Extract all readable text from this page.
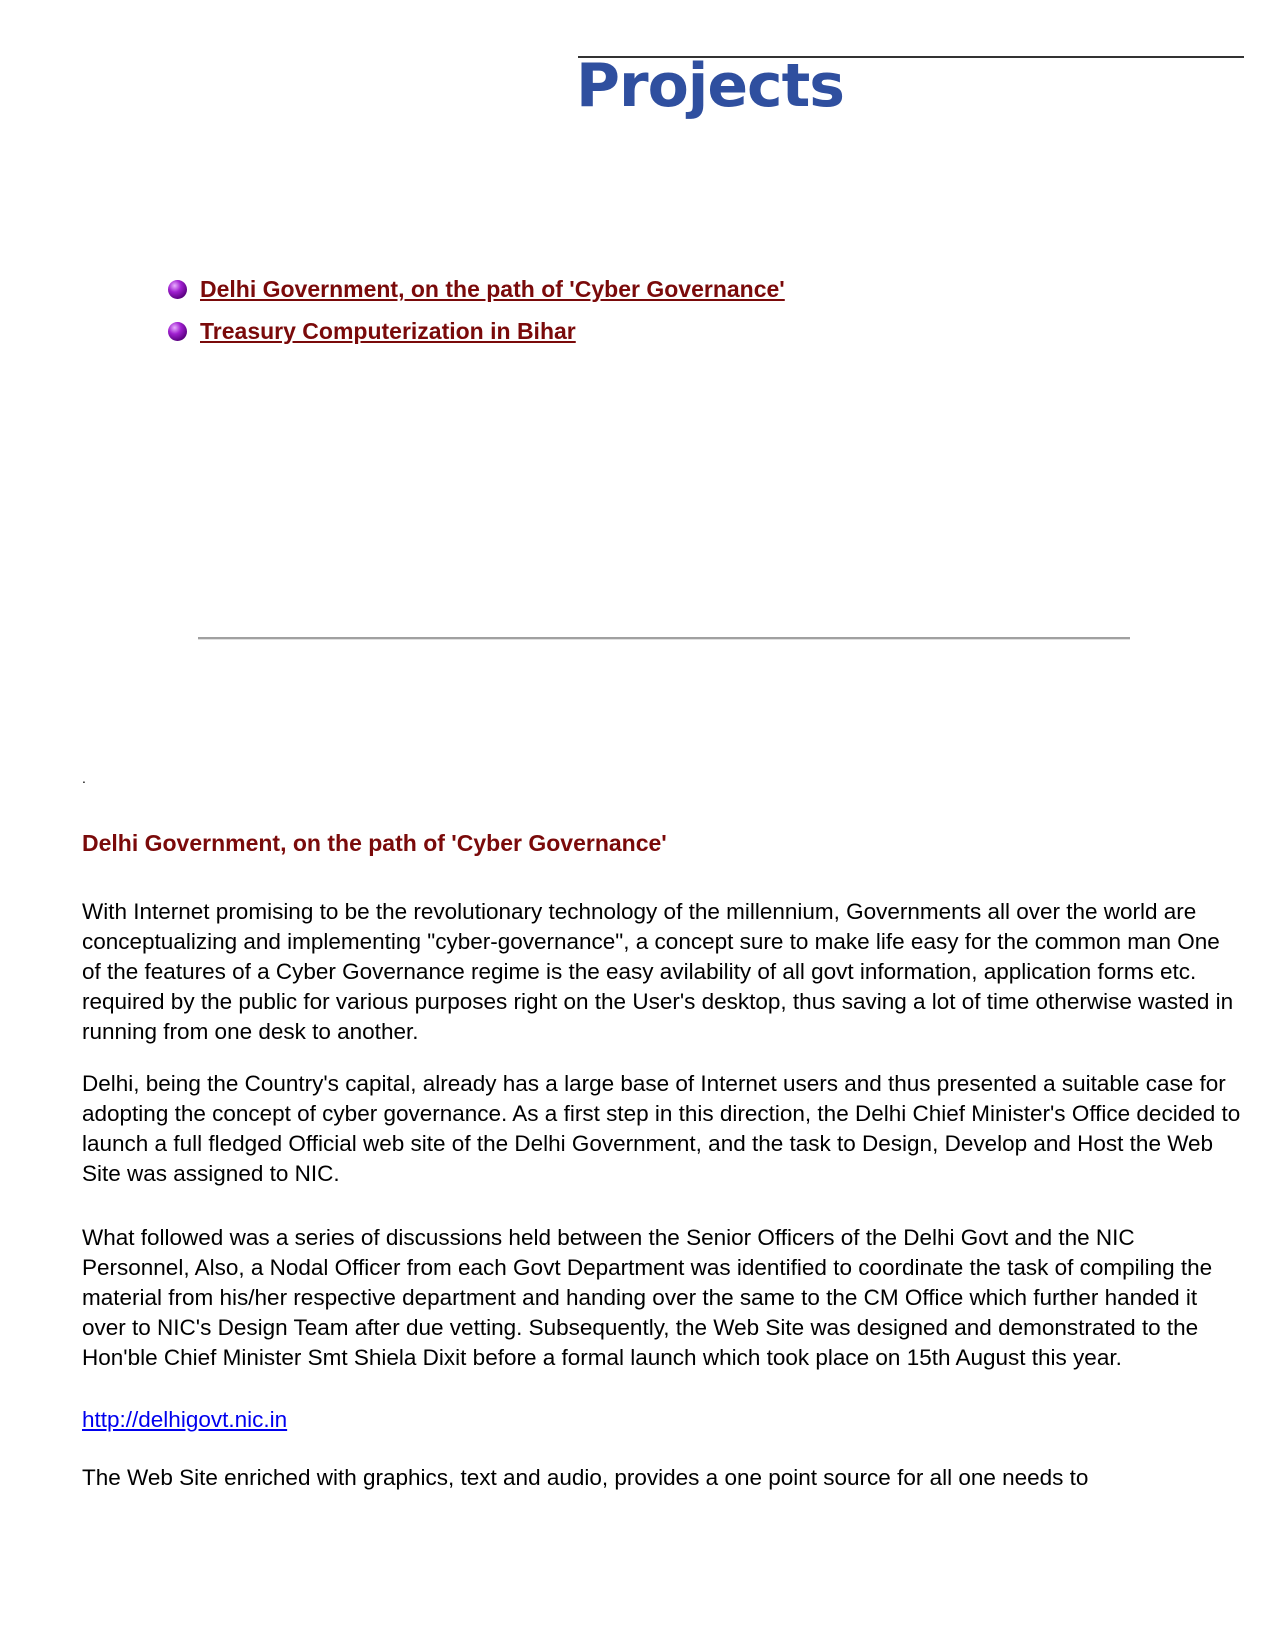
Projects
Delhi Government, on the path of 'Cyber Governance'
Treasury Computerization in Bihar
.
Delhi Government, on the path of 'Cyber Governance'

With Internet promising to be the revolutionary technology of the millennium, Governments all over the world are conceptualizing and implementing "cyber-governance", a concept sure to make life easy for the common man One of the features of a Cyber Governance regime is the easy avilability of all govt information, application forms etc. required by the public for various purposes right on the User's desktop, thus saving a lot of time otherwise wasted in running from one desk to another.

Delhi, being the Country's capital, already has a large base of Internet users and thus presented a suitable case for adopting the concept of cyber governance. As a first step in this direction, the Delhi Chief Minister's Office decided to launch a full fledged Official web site of the Delhi Government, and the task to Design, Develop and Host the Web Site was assigned to NIC.

What followed was a series of discussions held between the Senior Officers of the Delhi Govt and the NIC Personnel, Also, a Nodal Officer from each Govt Department was identified to coordinate the task of compiling the material from his/her respective department and handing over the same to the CM Office which further handed it over to NIC's Design Team after due vetting. Subsequently, the Web Site was designed and demonstrated to the Hon'ble Chief Minister Smt Shiela Dixit before a formal launch which took place on 15th August this year.

http://delhigovt.nic.in

The Web Site enriched with graphics, text and audio, provides a one point source for all one needs to
